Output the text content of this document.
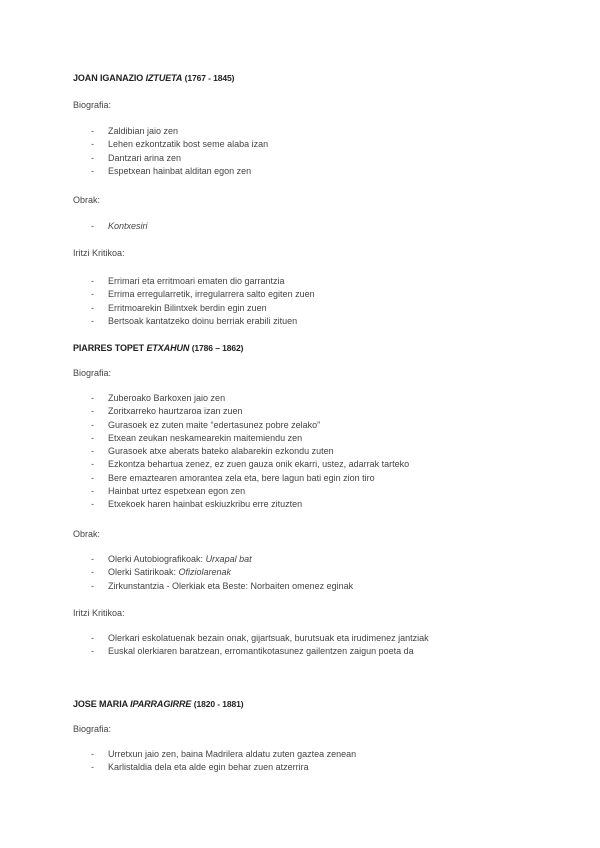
JOAN IGANAZIO IZTUETA (1767 - 1845)
Biografia:
-	Zaldibian jaio zen
-	Lehen ezkontzatik bost seme alaba izan
-	Dantzari arina zen
-	Espetxean hainbat alditan egon zen
Obrak:
-	Kontxesiri
Iritzi Kritikoa:
-	Errimari eta erritmoari ematen dio garrantzia
-	Errima erregularretik, irregularrera salto egiten zuen
-	Erritmoarekin Bilintxek berdin egin zuen
-	Bertsoak kantatzeko doinu berriak erabili zituen
PIARRES TOPET ETXAHUN (1786 – 1862)
Biografia:
-	Zuberoako Barkoxen jaio zen
-	Zoritxarreko haurtzaroa izan zuen
-	Gurasoek ez zuten maite “edertasunez pobre zelako”
-	Etxean zeukan neskamearekin maitemiendu zen
-	Gurasoek atxe aberats bateko alabarekin ezkondu zuten
-	Ezkontza behartua zenez, ez zuen gauza onik ekarri, ustez, adarrak tarteko
-	Bere emaztearen amorantea zela eta, bere lagun bati egin zion tiro
-	Hainbat urtez espetxean egon zen
-	Etxekoek haren hainbat eskiuzkribu erre zituzten
Obrak:
-	Olerki Autobiografikoak: Urxapal bat
-	Olerki Satirikoak: Ofiziolarenak
-	Zirkunstantzia - Olerkiak eta Beste: Norbaiten omenez eginak
Iritzi Kritikoa:
-	Olerkari eskolatuenak bezain onak, gijartsuak, burutsuak eta irudimenez jantziak
-	Euskal olerkiaren baratzean, erromantikotasunez gailentzen zaigun poeta da
JOSE MARIA IPARRAGIRRE (1820 - 1881)
Biografia:
-	Urretxun jaio zen, baina Madrilera aldatu zuten gaztea zenean
-	Karlistaldia dela eta alde egin behar zuen atzerrira
